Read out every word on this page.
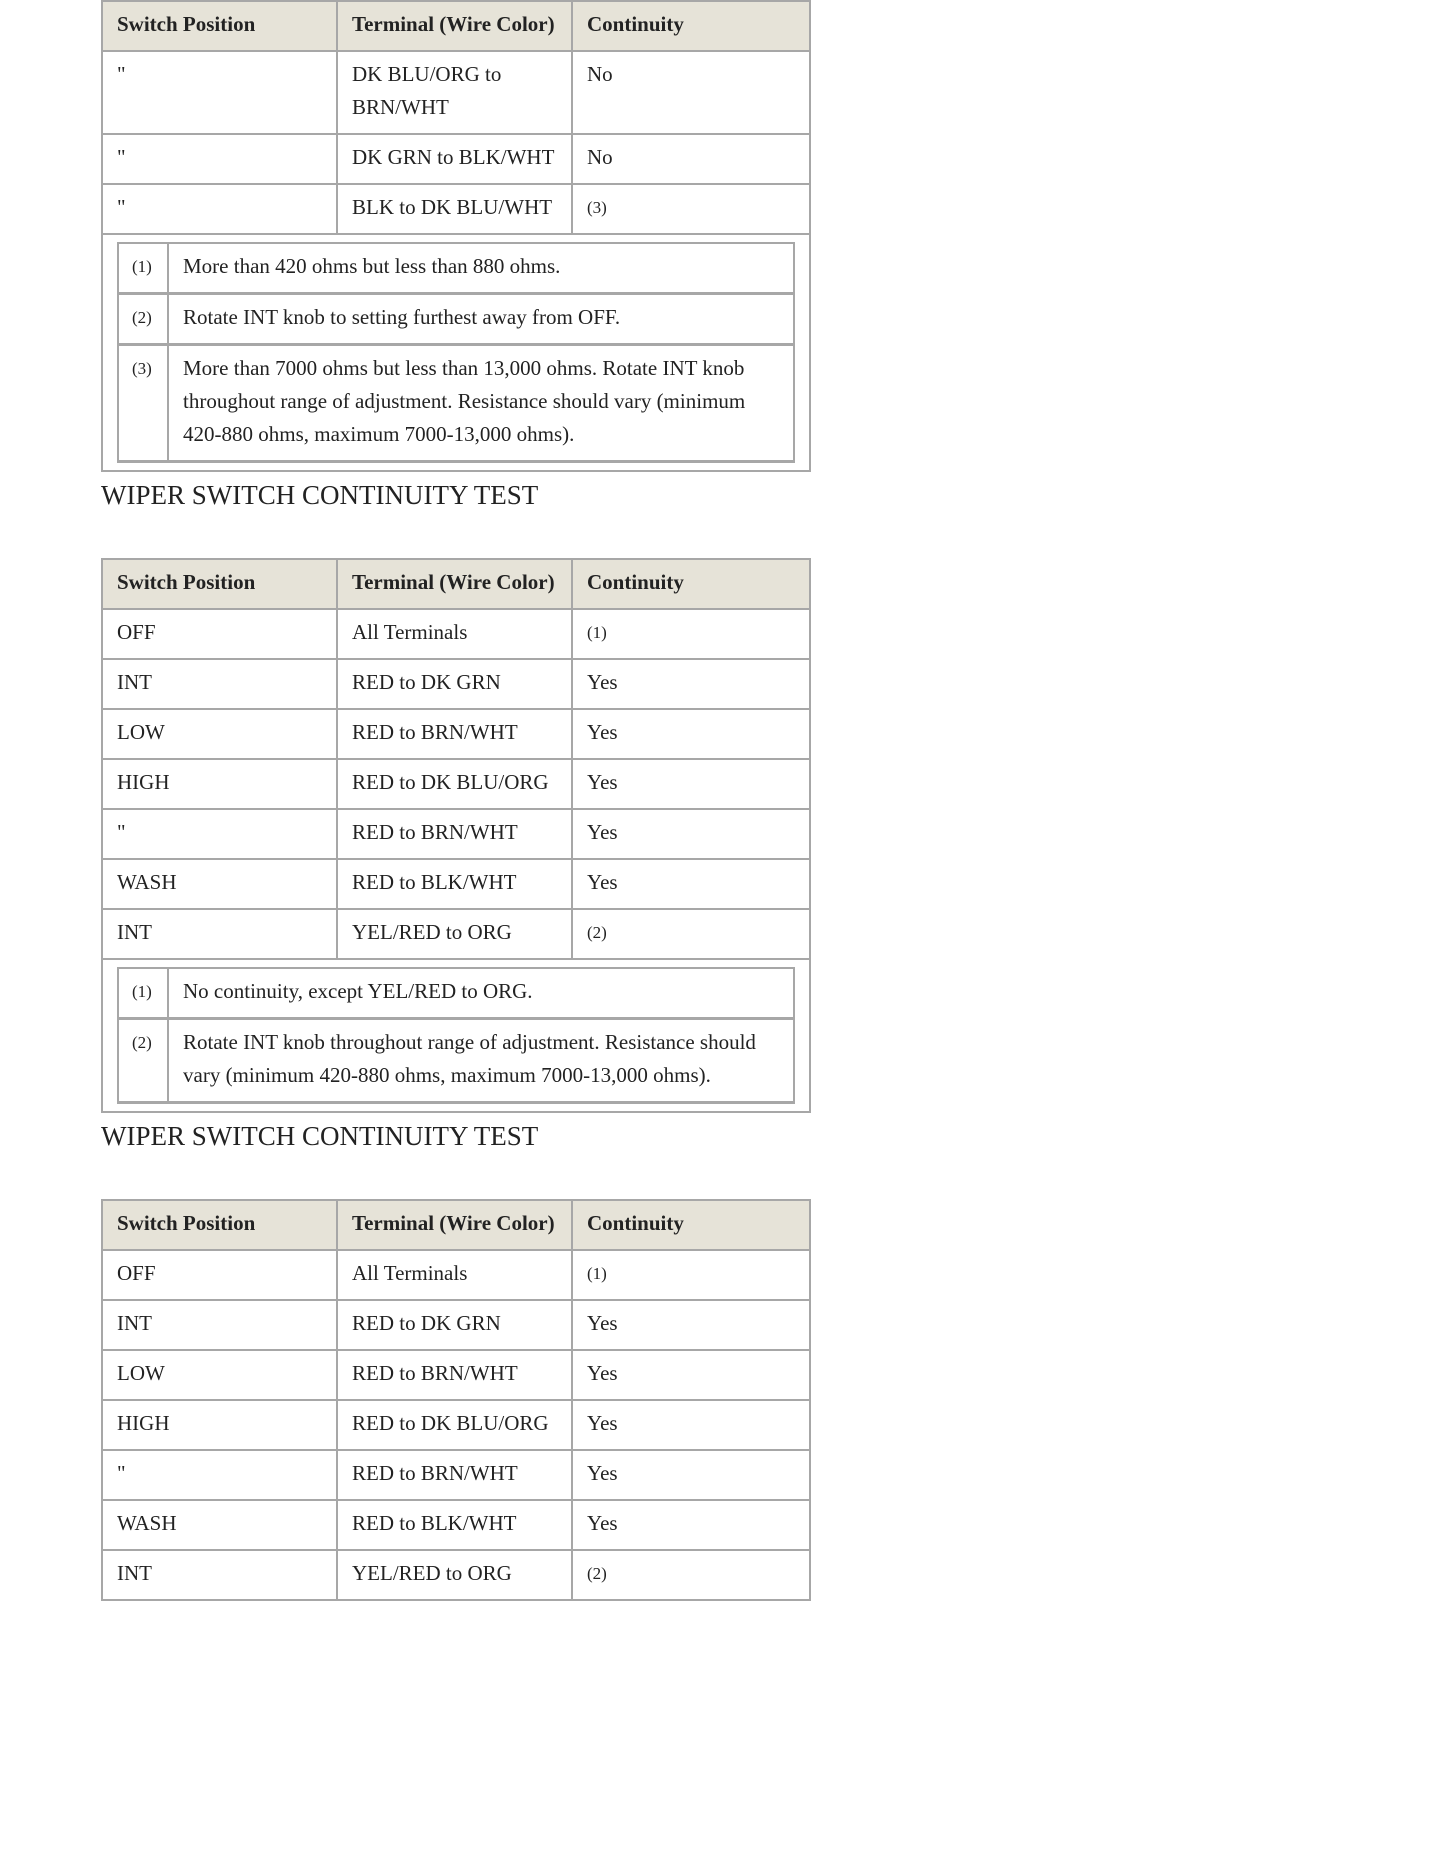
Switch Position	Terminal (Wire Color)	Continuity
"	DK BLU/ORG to BRN/WHT	No
"	DK GRN to BLK/WHT	No
"	BLK to DK BLU/WHT	(3)

(1)	More than 420 ohms but less than 880 ohms.
(2)	Rotate INT knob to setting furthest away from OFF.
(3)	More than 7000 ohms but less than 13,000 ohms. Rotate INT knob throughout range of adjustment. Resistance should vary (minimum 420-880 ohms, maximum 7000-13,000 ohms).
WIPER SWITCH CONTINUITY TEST
Switch Position	Terminal (Wire Color)	Continuity
OFF	All Terminals	(1)
INT	RED to DK GRN	Yes
LOW	RED to BRN/WHT	Yes
HIGH	RED to DK BLU/ORG	Yes
"	RED to BRN/WHT	Yes
WASH	RED to BLK/WHT	Yes
INT	YEL/RED to ORG	(2)

(1)	No continuity, except YEL/RED to ORG.
(2)	Rotate INT knob throughout range of adjustment. Resistance should vary (minimum 420-880 ohms, maximum 7000-13,000 ohms).
WIPER SWITCH CONTINUITY TEST
Switch Position	Terminal (Wire Color)	Continuity
OFF	All Terminals	(1)
INT	RED to DK GRN	Yes
LOW	RED to BRN/WHT	Yes
HIGH	RED to DK BLU/ORG	Yes
"	RED to BRN/WHT	Yes
WASH	RED to BLK/WHT	Yes
INT	YEL/RED to ORG	(2)
